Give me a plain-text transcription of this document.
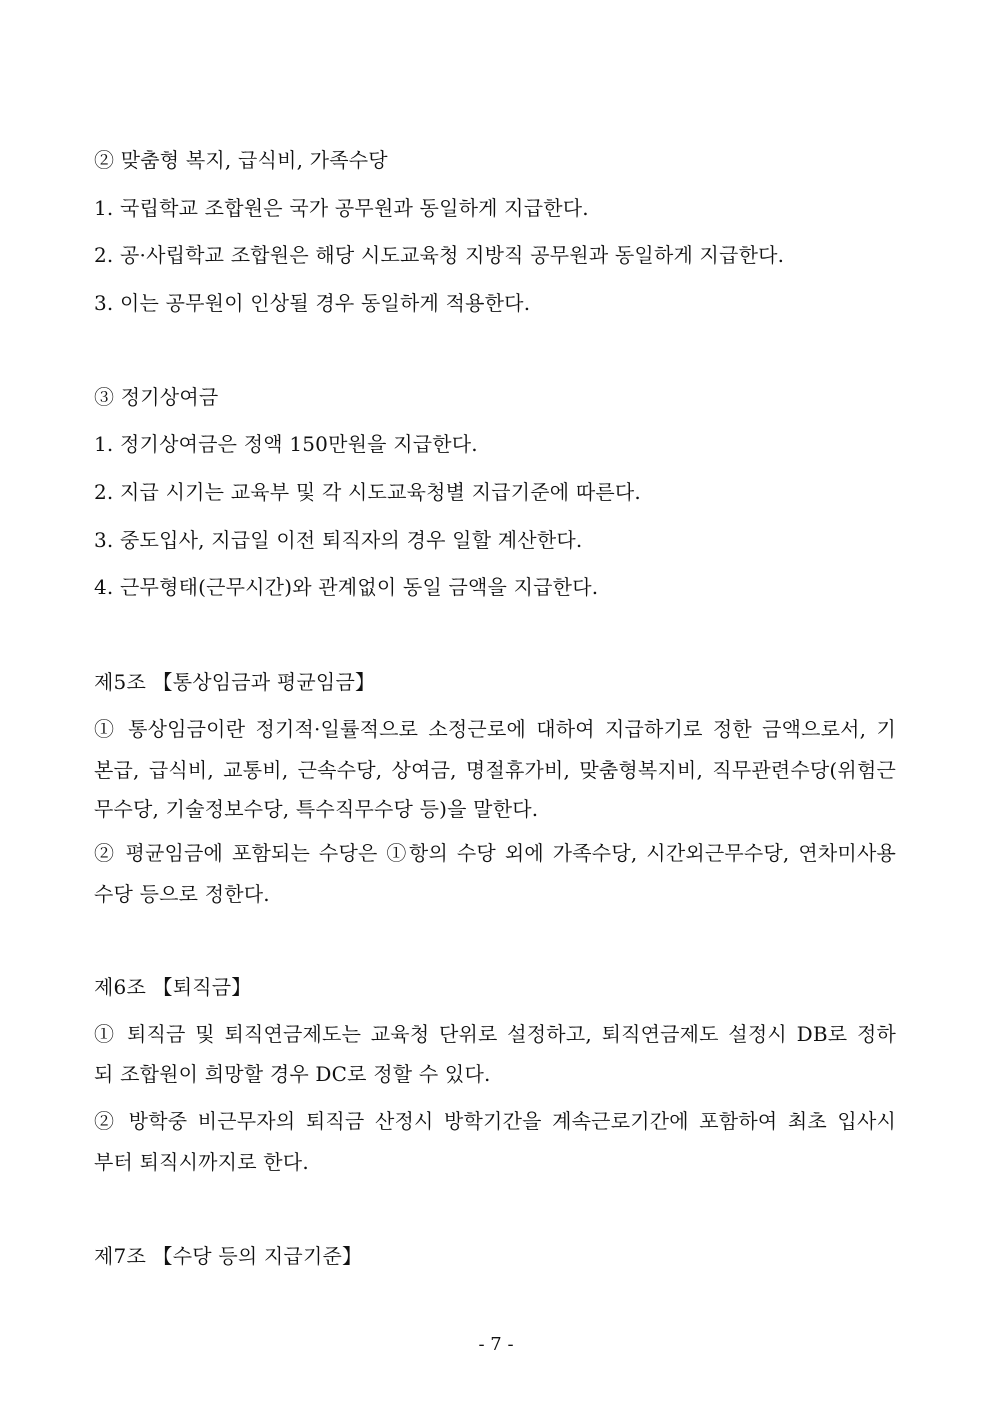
② 맞춤형 복지, 급식비, 가족수당
1. 국립학교 조합원은 국가 공무원과 동일하게 지급한다.
2. 공·사립학교 조합원은 해당 시도교육청 지방직 공무원과 동일하게 지급한다.
3. 이는 공무원이 인상될 경우 동일하게 적용한다.
③ 정기상여금
1. 정기상여금은 정액 150만원을 지급한다.
2. 지급 시기는 교육부 및 각 시도교육청별 지급기준에 따른다.
3. 중도입사, 지급일 이전 퇴직자의 경우 일할 계산한다.
4. 근무형태(근무시간)와 관계없이 동일 금액을 지급한다.
제5조 【통상임금과 평균임금】
① 통상임금이란 정기적·일률적으로 소정근로에 대하여 지급하기로 정한 금액으로서, 기
본급, 급식비, 교통비, 근속수당, 상여금, 명절휴가비, 맞춤형복지비, 직무관련수당(위험근
무수당, 기술정보수당, 특수직무수당 등)을 말한다.
② 평균임금에 포함되는 수당은 ①항의 수당 외에 가족수당, 시간외근무수당, 연차미사용
수당 등으로 정한다.
제6조 【퇴직금】
① 퇴직금 및 퇴직연금제도는 교육청 단위로 설정하고, 퇴직연금제도 설정시 DB로 정하
되 조합원이 희망할 경우 DC로 정할 수 있다.
② 방학중 비근무자의 퇴직금 산정시 방학기간을 계속근로기간에 포함하여 최초 입사시
부터 퇴직시까지로 한다.
제7조 【수당 등의 지급기준】
- 7 -
